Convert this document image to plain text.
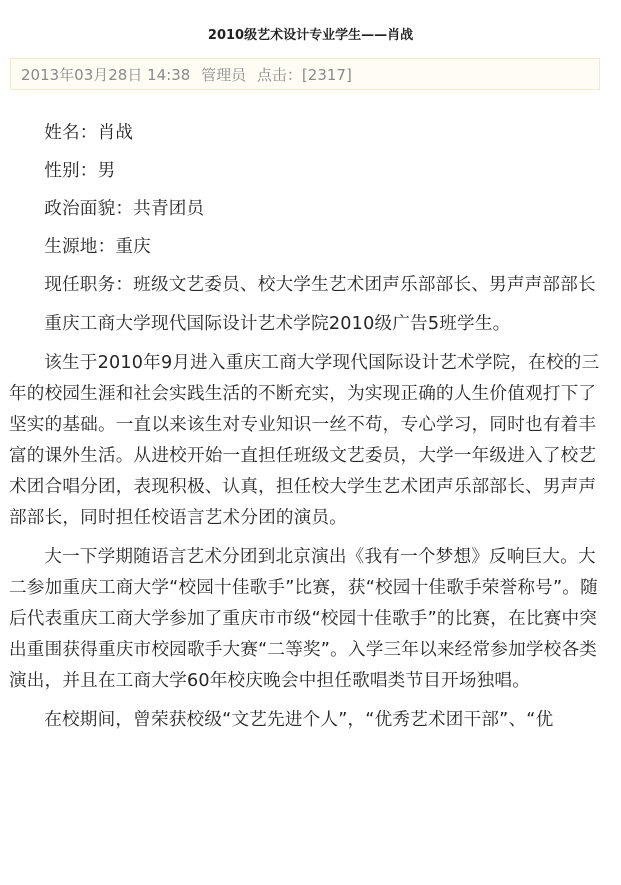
2010级艺术设计专业学生——肖战
2013年03月28日 14:38 管理员 点击：[2317]

姓名：肖战

性别：男

政治面貌：共青团员

生源地：重庆

现任职务：班级文艺委员、校大学生艺术团声乐部部长、男声声部部长

重庆工商大学现代国际设计艺术学院2010级广告5班学生。

该生于2010年9月进入重庆工商大学现代国际设计艺术学院，在校的三年的校园生涯和社会实践生活的不断充实，为实现正确的人生价值观打下了坚实的基础。一直以来该生对专业知识一丝不苟，专心学习，同时也有着丰富的课外生活。从进校开始一直担任班级文艺委员，大学一年级进入了校艺术团合唱分团，表现积极、认真，担任校大学生艺术团声乐部部长、男声声部部长，同时担任校语言艺术分团的演员。

大一下学期随语言艺术分团到北京演出《我有一个梦想》反响巨大。大二参加重庆工商大学“校园十佳歌手”比赛，获“校园十佳歌手荣誉称号”。随后代表重庆工商大学参加了重庆市市级“校园十佳歌手”的比赛，在比赛中突出重围获得重庆市校园歌手大赛“二等奖”。入学三年以来经常参加学校各类演出，并且在工商大学60年校庆晚会中担任歌唱类节目开场独唱。

在校期间，曾荣获校级“文艺先进个人”，“优秀艺术团干部”、“优
